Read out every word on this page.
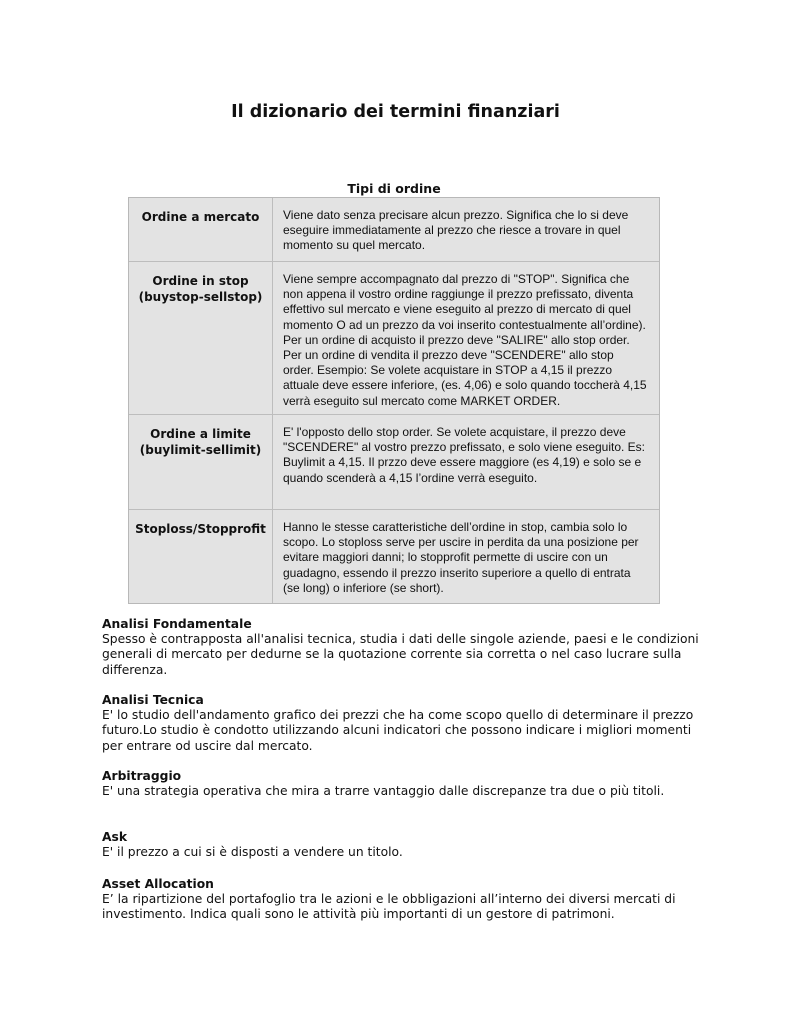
Il dizionario dei termini finanziari
Tipi di ordine
Ordine a mercato	Viene dato senza precisare alcun prezzo. Significa che lo si deve eseguire immediatamente al prezzo che riesce a trovare in quel momento su quel mercato.
Ordine in stop (buystop-sellstop)
Viene sempre accompagnato dal prezzo di "STOP". Significa che non appena il vostro ordine raggiunge il prezzo prefissato, diventa effettivo sul mercato e viene eseguito al prezzo di mercato di quel momento O ad un prezzo da voi inserito contestualmente all’ordine). Per un ordine di acquisto il prezzo deve "SALIRE" allo stop order. Per un ordine di vendita il prezzo deve "SCENDERE" allo stop order. Esempio: Se volete acquistare in STOP a 4,15 il prezzo attuale deve essere inferiore, (es. 4,06) e solo quando toccherà 4,15 verrà eseguito sul mercato come MARKET ORDER.
Ordine a limite (buylimit-sellimit)
E' l'opposto dello stop order. Se volete acquistare, il prezzo deve "SCENDERE" al vostro prezzo prefissato, e solo viene eseguito. Es: Buylimit a 4,15. Il przzo deve essere maggiore (es 4,19) e solo se e quando scenderà a 4,15 l’ordine verrà eseguito.
Stoploss/Stopprofit	Hanno le stesse caratteristiche dell’ordine in stop, cambia solo lo scopo. Lo stoploss serve per uscire in perdita da una posizione per evitare maggiori danni; lo stopprofit permette di uscire con un guadagno, essendo il prezzo inserito superiore a quello di entrata (se long) o inferiore (se short).
Analisi Fondamentale

Spesso è contrapposta all'analisi tecnica, studia i dati delle singole aziende, paesi e le condizioni generali di mercato per dedurne se la quotazione corrente sia corretta o nel caso lucrare sulla differenza.

Analisi Tecnica

E' lo studio dell'andamento grafico dei prezzi che ha come scopo quello di determinare il prezzo futuro.Lo studio è condotto utilizzando alcuni indicatori che possono indicare i migliori momenti per entrare od uscire dal mercato.

Arbitraggio

E' una strategia operativa che mira a trarre vantaggio dalle discrepanze tra due o più titoli.

Ask

E' il prezzo a cui si è disposti a vendere un titolo.

Asset Allocation

E’ la ripartizione del portafoglio tra le azioni e le obbligazioni all’interno dei diversi mercati di investimento. Indica quali sono le attività più importanti di un gestore di patrimoni.
